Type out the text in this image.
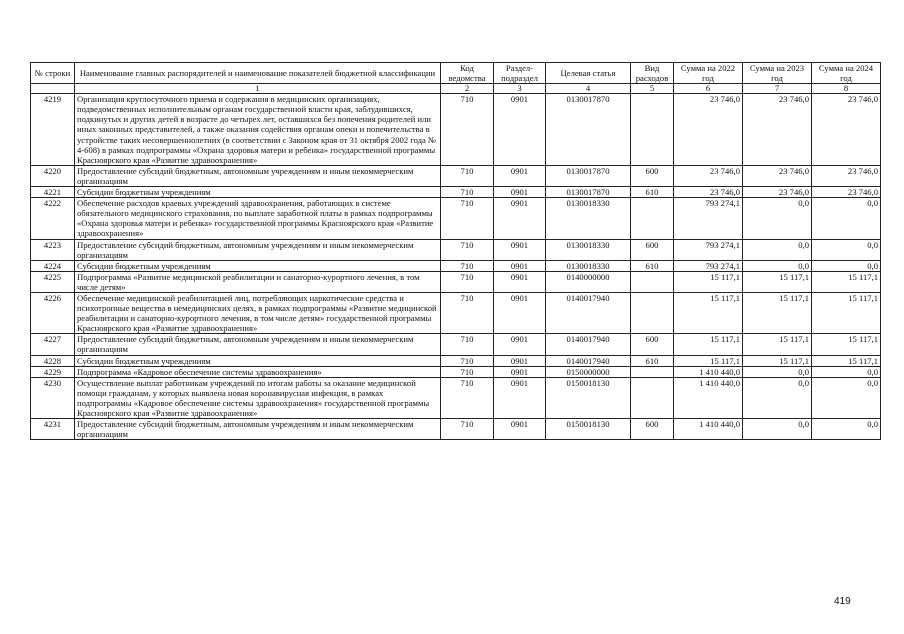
№ строки	Наименование главных распорядителей и наименование показателей бюджетной классификации	Код ведомства	Раздел-подраздел	Целевая статья	Вид расходов	Сумма на 2022 год	Сумма на 2023 год	Сумма на 2024 год
	1	2	3	4	5	6	7	8
4219	Организация круглосуточного приема и содержания в медицинских организациях, подведомственных исполнительным органам государственной власти края, заблудившихся, подкинутых и других детей в возрасте до четырех лет, оставшихся без попечения родителей или иных законных представителей, а также оказания содействия органам опеки и попечительства в устройстве таких несовершеннолетних (в соответствии с Законом края от 31 октября 2002 года № 4-608) в рамках подпрограммы «Охрана здоровья матери и ребенка» государственной программы Красноярского края «Развитие здравоохранения»	710	0901	0130017870		23 746,0	23 746,0	23 746,0
4220	Предоставление субсидий бюджетным, автономным учреждениям и иным некоммерческим организациям	710	0901	0130017870	600	23 746,0	23 746,0	23 746,0
4221	Субсидии бюджетным учреждениям	710	0901	0130017870	610	23 746,0	23 746,0	23 746,0
4222	Обеспечение расходов краевых учреждений здравоохранения, работающих в системе обязательного медицинского страхования, по выплате заработной платы в рамках подпрограммы «Охрана здоровья матери и ребенка» государственной программы Красноярского края «Развитие здравоохранения»	710	0901	0130018330		793 274,1	0,0	0,0
4223	Предоставление субсидий бюджетным, автономным учреждениям и иным некоммерческим организациям	710	0901	0130018330	600	793 274,1	0,0	0,0
4224	Субсидии бюджетным учреждениям	710	0901	0130018330	610	793 274,1	0,0	0,0
4225	Подпрограмма «Развитие медицинской реабилитации и санаторно-курортного лечения, в том числе детям»	710	0901	0140000000		15 117,1	15 117,1	15 117,1
4226	Обеспечение медицинской реабилитацией лиц, потребляющих наркотические средства и психотропные вещества в немедицинских целях, в рамках подпрограммы «Развитие медицинской реабилитации и санаторно-курортного лечения, в том числе детям» государственной программы Красноярского края «Развитие здравоохранения»	710	0901	0140017940		15 117,1	15 117,1	15 117,1
4227	Предоставление субсидий бюджетным, автономным учреждениям и иным некоммерческим организациям	710	0901	0140017940	600	15 117,1	15 117,1	15 117,1
4228	Субсидии бюджетным учреждениям	710	0901	0140017940	610	15 117,1	15 117,1	15 117,1
4229	Подпрограмма «Кадровое обеспечение системы здравоохранения»	710	0901	0150000000		1 410 440,0	0,0	0,0
4230	Осуществление выплат работникам учреждений по итогам работы за оказание медицинской помощи гражданам, у которых выявлена новая коронавирусная инфекция, в рамках подпрограммы «Кадровое обеспечение системы здравоохранения» государственной программы Красноярского края «Развитие здравоохранения»	710	0901	0150018130		1 410 440,0	0,0	0,0
4231	Предоставление субсидий бюджетным, автономным учреждениям и иным некоммерческим организациям	710	0901	0150018130	600	1 410 440,0	0,0	0,0
419
